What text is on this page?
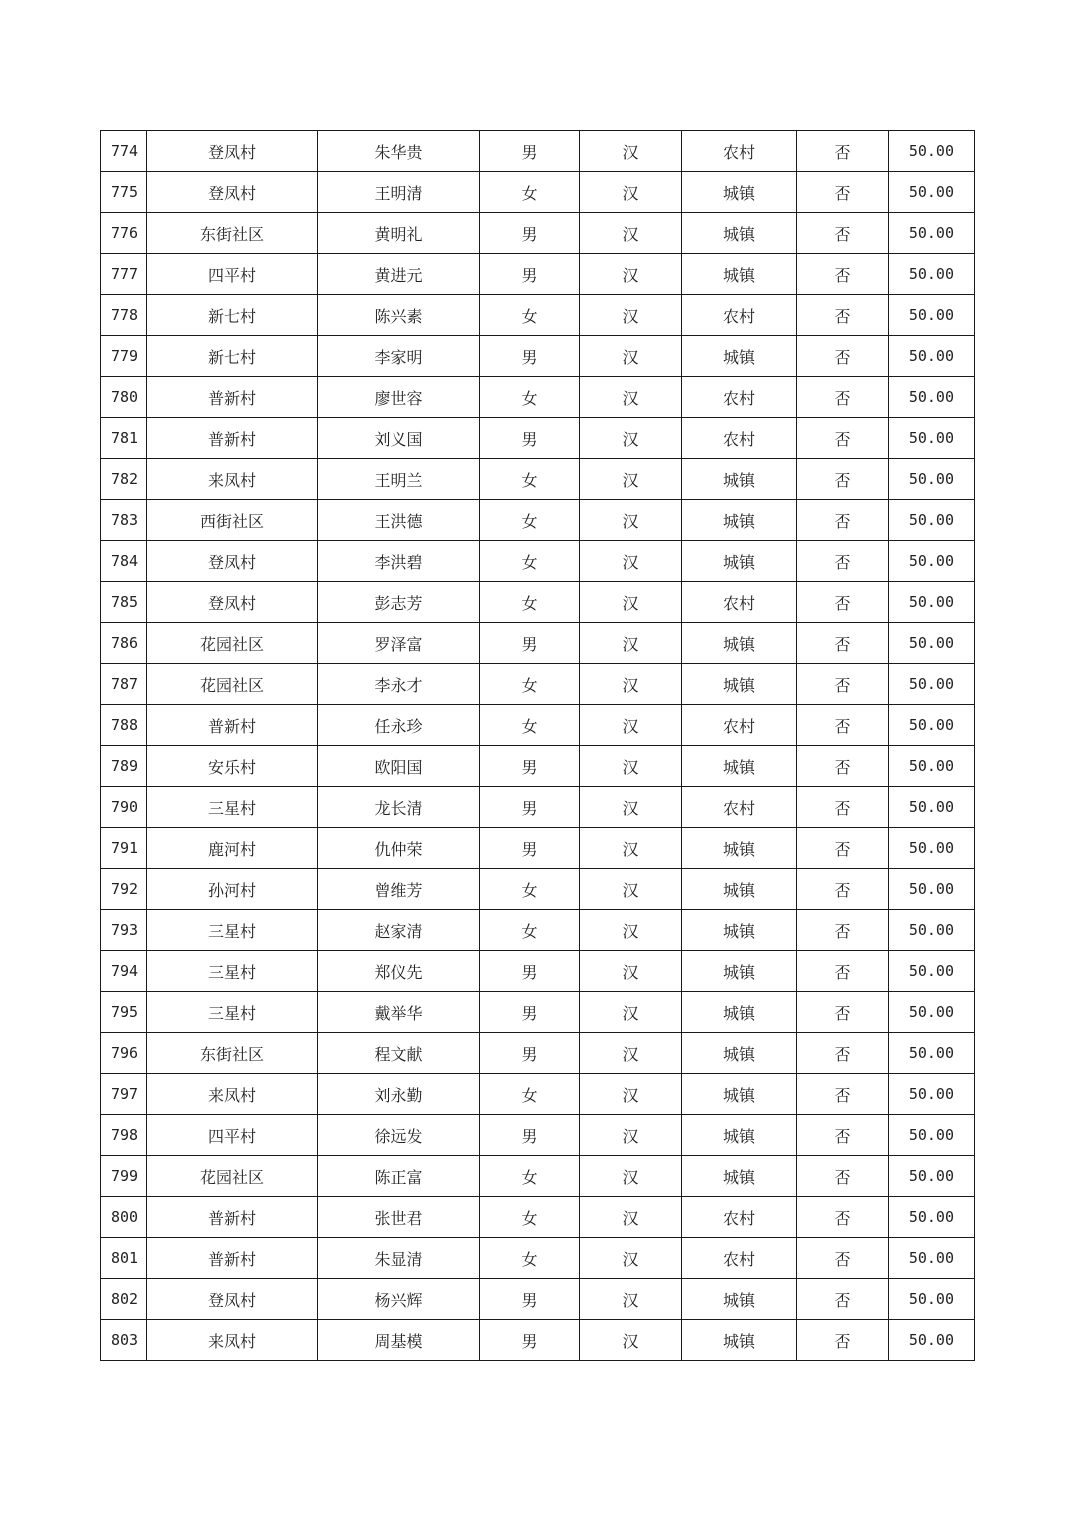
774	登凤村	朱华贵	男	汉	农村	否	50.00
775	登凤村	王明清	女	汉	城镇	否	50.00
776	东街社区	黄明礼	男	汉	城镇	否	50.00
777	四平村	黄进元	男	汉	城镇	否	50.00
778	新七村	陈兴素	女	汉	农村	否	50.00
779	新七村	李家明	男	汉	城镇	否	50.00
780	普新村	廖世容	女	汉	农村	否	50.00
781	普新村	刘义国	男	汉	农村	否	50.00
782	来凤村	王明兰	女	汉	城镇	否	50.00
783	西街社区	王洪德	女	汉	城镇	否	50.00
784	登凤村	李洪碧	女	汉	城镇	否	50.00
785	登凤村	彭志芳	女	汉	农村	否	50.00
786	花园社区	罗泽富	男	汉	城镇	否	50.00
787	花园社区	李永才	女	汉	城镇	否	50.00
788	普新村	任永珍	女	汉	农村	否	50.00
789	安乐村	欧阳国	男	汉	城镇	否	50.00
790	三星村	龙长清	男	汉	农村	否	50.00
791	鹿河村	仇仲荣	男	汉	城镇	否	50.00
792	孙河村	曾维芳	女	汉	城镇	否	50.00
793	三星村	赵家清	女	汉	城镇	否	50.00
794	三星村	郑仪先	男	汉	城镇	否	50.00
795	三星村	戴举华	男	汉	城镇	否	50.00
796	东街社区	程文献	男	汉	城镇	否	50.00
797	来凤村	刘永勤	女	汉	城镇	否	50.00
798	四平村	徐远发	男	汉	城镇	否	50.00
799	花园社区	陈正富	女	汉	城镇	否	50.00
800	普新村	张世君	女	汉	农村	否	50.00
801	普新村	朱显清	女	汉	农村	否	50.00
802	登凤村	杨兴辉	男	汉	城镇	否	50.00
803	来凤村	周基模	男	汉	城镇	否	50.00
